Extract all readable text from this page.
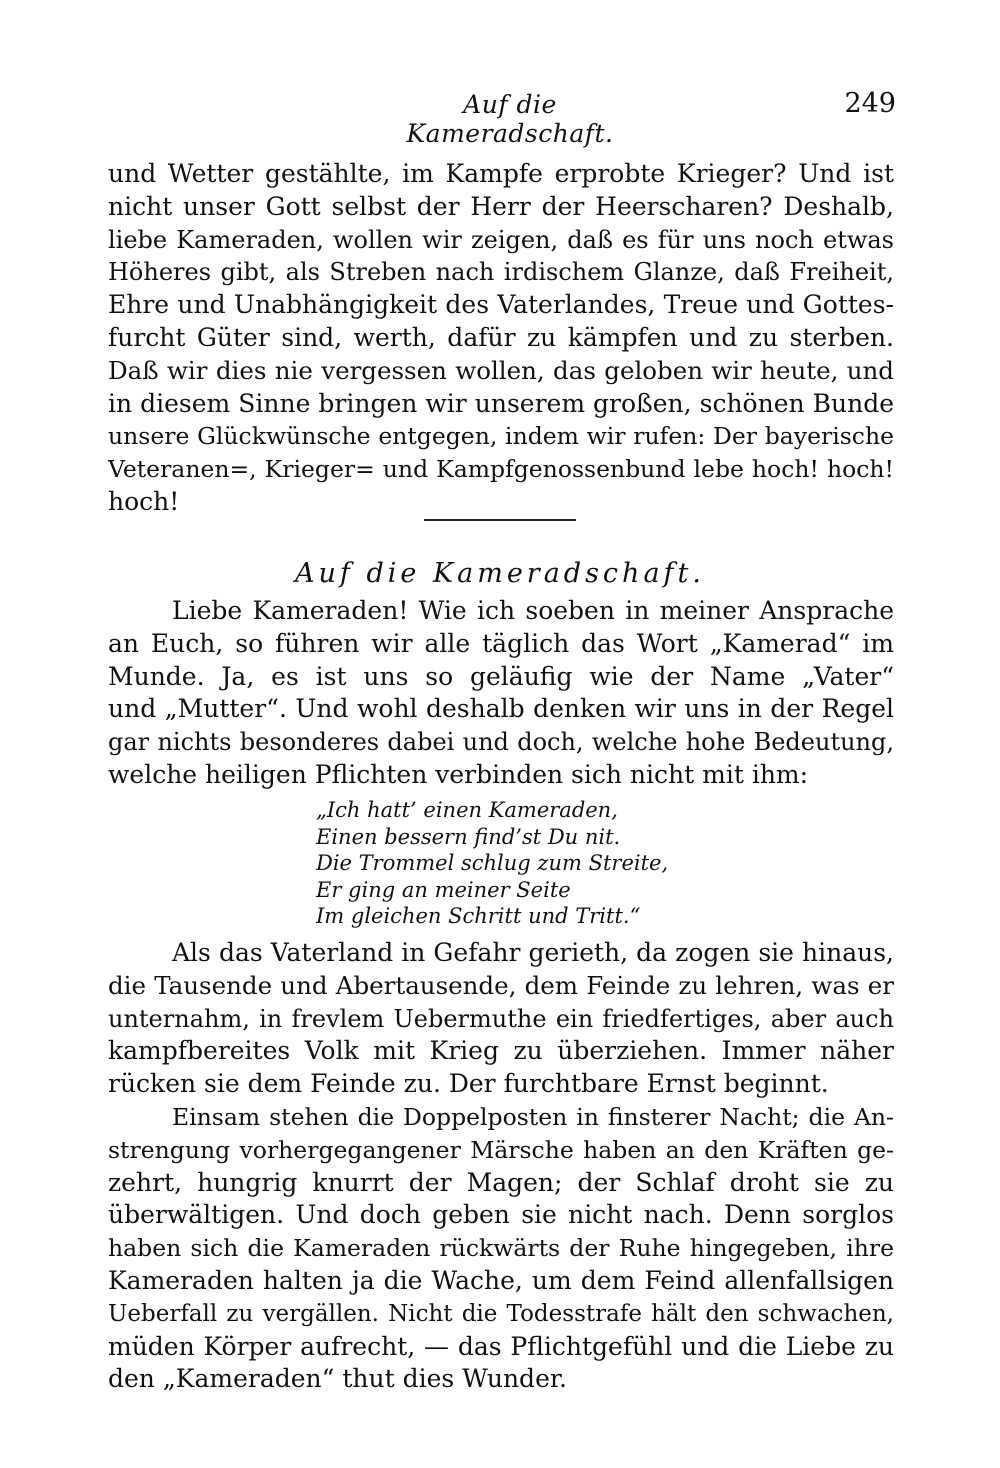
Auf die Kameradschaft.
249
und Wetter gestählte, im Kampfe erprobte Krieger? Und ist
nicht unser Gott selbst der Herr der Heerscharen? Deshalb,
liebe Kameraden, wollen wir zeigen, daß es für uns noch etwas
Höheres gibt, als Streben nach irdischem Glanze, daß Freiheit,
Ehre und Unabhängigkeit des Vaterlandes, Treue und Gottes-
furcht Güter sind, werth, dafür zu kämpfen und zu sterben.
Daß wir dies nie vergessen wollen, das geloben wir heute, und
in diesem Sinne bringen wir unserem großen, schönen Bunde
unsere Glückwünsche entgegen, indem wir rufen: Der bayerische
Veteranen=, Krieger= und Kampfgenossenbund lebe hoch! hoch!
hoch!
Auf die Kameradschaft.
Liebe Kameraden! Wie ich soeben in meiner Ansprache
an Euch, so führen wir alle täglich das Wort „Kamerad“ im
Munde. Ja, es ist uns so geläufig wie der Name „Vater“
und „Mutter“. Und wohl deshalb denken wir uns in der Regel
gar nichts besonderes dabei und doch, welche hohe Bedeutung,
welche heiligen Pflichten verbinden sich nicht mit ihm:
„Ich hatt’ einen Kameraden,
Einen bessern find’st Du nit.
Die Trommel schlug zum Streite,
Er ging an meiner Seite
Im gleichen Schritt und Tritt.“
Als das Vaterland in Gefahr gerieth, da zogen sie hinaus,
die Tausende und Abertausende, dem Feinde zu lehren, was er
unternahm, in frevlem Uebermuthe ein friedfertiges, aber auch
kampfbereites Volk mit Krieg zu überziehen. Immer näher
rücken sie dem Feinde zu. Der furchtbare Ernst beginnt.
Einsam stehen die Doppelposten in finsterer Nacht; die An-
strengung vorhergegangener Märsche haben an den Kräften ge-
zehrt, hungrig knurrt der Magen; der Schlaf droht sie zu
überwältigen. Und doch geben sie nicht nach. Denn sorglos
haben sich die Kameraden rückwärts der Ruhe hingegeben, ihre
Kameraden halten ja die Wache, um dem Feind allenfallsigen
Ueberfall zu vergällen. Nicht die Todesstrafe hält den schwachen,
müden Körper aufrecht, — das Pflichtgefühl und die Liebe zu
den „Kameraden“ thut dies Wunder.
